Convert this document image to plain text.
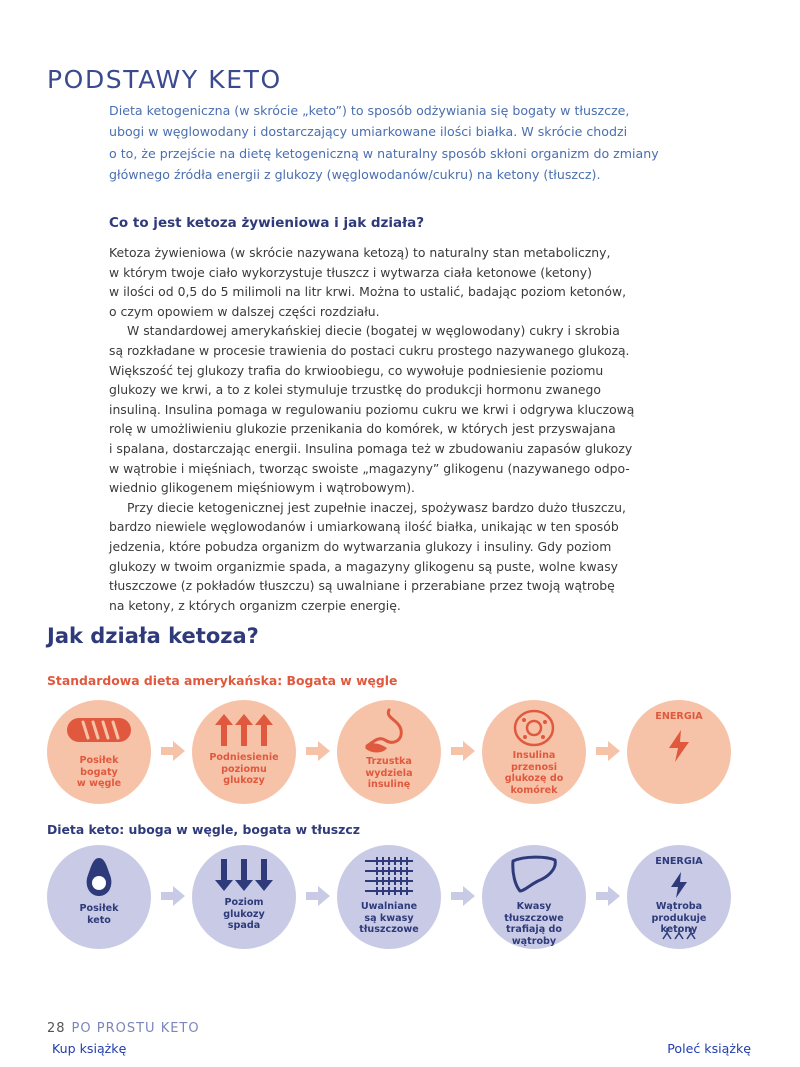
PODSTAWY KETO

Dieta ketogeniczna (w skrócie „keto”) to sposób odżywiania się bogaty w tłuszcze,

ubogi w węglowodany i dostarczający umiarkowane ilości białka. W skrócie chodzi

o to, że przejście na dietę ketogeniczną w naturalny sposób skłoni organizm do zmiany

głównego źródła energii z glukozy (węglowodanów/cukru) na ketony (tłuszcz).

Co to jest ketoza żywieniowa i jak działa?
Ketoza żywieniowa (w skrócie nazywana ketozą) to naturalny stan metaboliczny,
w którym twoje ciało wykorzystuje tłuszcz i wytwarza ciała ketonowe (ketony)
w ilości od 0,5 do 5 milimoli na litr krwi. Można to ustalić, badając poziom ketonów,
o czym opowiem w dalszej części rozdziału.
W standardowej amerykańskiej diecie (bogatej w węglowodany) cukry i skrobia
są rozkładane w procesie trawienia do postaci cukru prostego nazywanego glukozą.
Większość tej glukozy trafia do krwioobiegu, co wywołuje podniesienie poziomu
glukozy we krwi, a to z kolei stymuluje trzustkę do produkcji hormonu zwanego
insuliną. Insulina pomaga w regulowaniu poziomu cukru we krwi i odgrywa kluczową
rolę w umożliwieniu glukozie przenikania do komórek, w których jest przyswajana
i spalana, dostarczając energii. Insulina pomaga też w zbudowaniu zapasów glukozy
w wątrobie i mięśniach, tworząc swoiste „magazyny” glikogenu (nazywanego odpo-
wiednio glikogenem mięśniowym i wątrobowym).
Przy diecie ketogenicznej jest zupełnie inaczej, spożywasz bardzo dużo tłuszczu,
bardzo niewiele węglowodanów i umiarkowaną ilość białka, unikając w ten sposób
jedzenia, które pobudza organizm do wytwarzania glukozy i insuliny. Gdy poziom
glukozy w twoim organizmie spada, a magazyny glikogenu są puste, wolne kwasy
tłuszczowe (z pokładów tłuszczu) są uwalniane i przerabiane przez twoją wątrobę
na ketony, z których organizm czerpie energię.
Jak działa ketoza?
Standardowa dieta amerykańska: Bogata w węgle
Posiłek
bogaty
w węgle
Podniesienie
poziomu
glukozy
Trzustka
wydziela
insulinę
Insulina przenosi
glukozę do
komórek
ENERGIA
Dieta keto: uboga w węgle, bogata w tłuszcz
Posiłek
keto
Poziom
glukozy
spada
Uwalniane
są kwasy
tłuszczowe
Kwasy tłuszczowe
trafiają do
wątroby
ENERGIA
Wątroba produkuje
ketony
28 PO PROSTU KETO
Kup książkę	Poleć książkę
